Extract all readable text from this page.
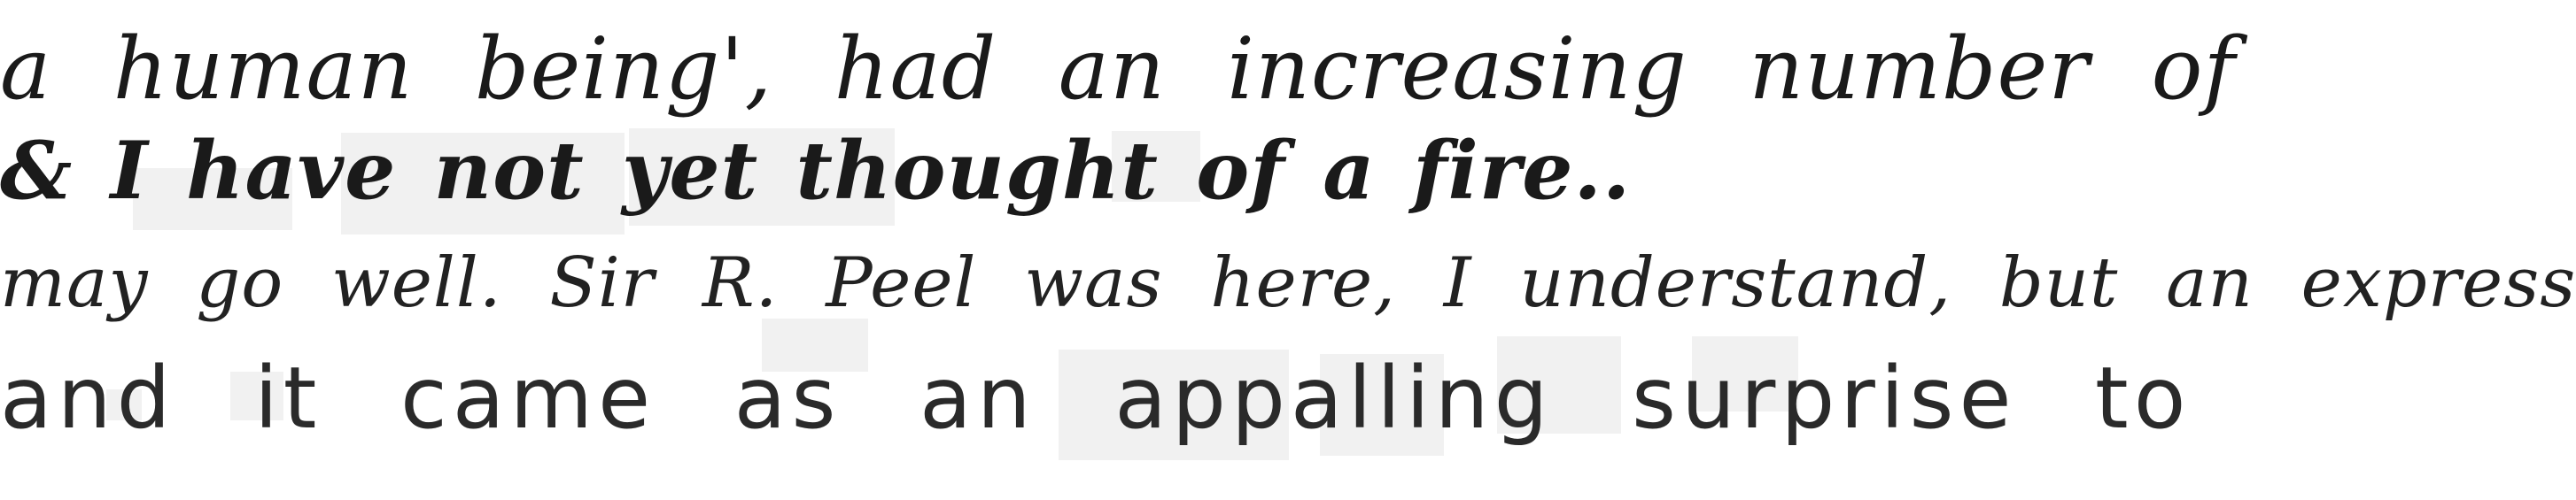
a human being', had an increasing number of
& I have not yet thought of a fire..
may go well. Sir R. Peel was here, I understand, but an express
and it came as an appalling surprise to
